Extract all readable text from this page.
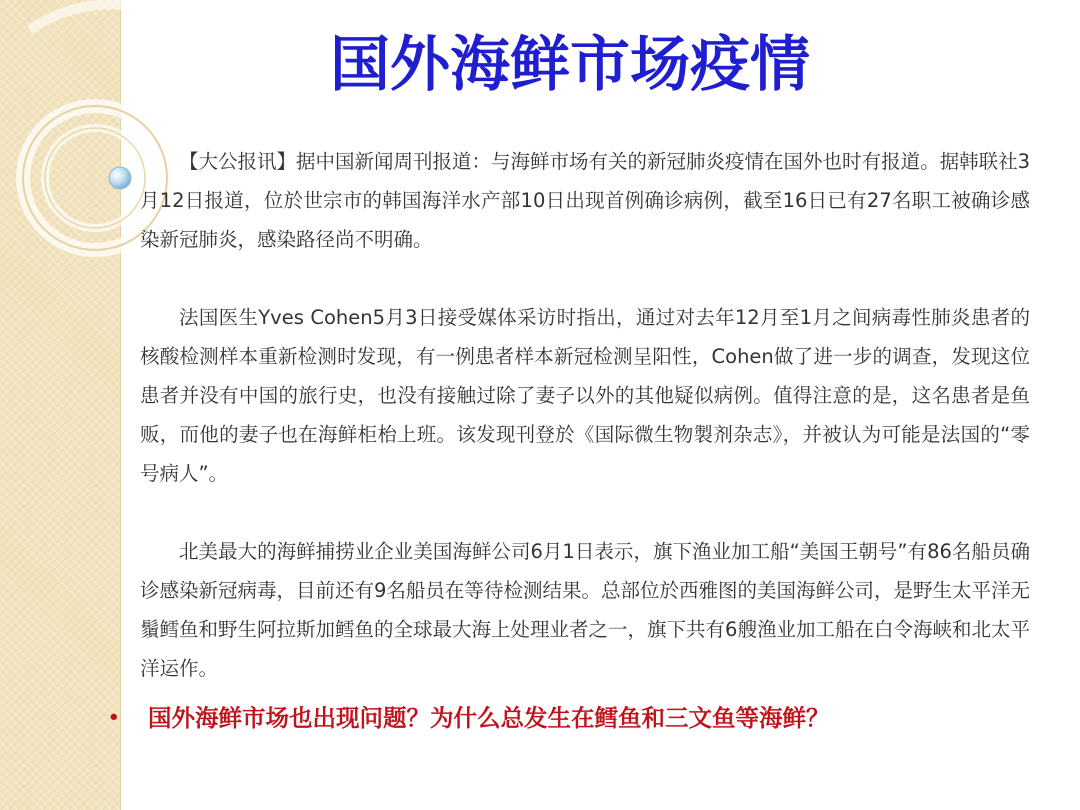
国外海鲜市场疫情

【大公报讯】据中国新闻周刊报道：与海鲜市场有关的新冠肺炎疫情在国外也时有报道。据韩联社3月12日报道，位於世宗市的韩国海洋水产部10日出现首例确诊病例，截至16日已有27名职工被确诊感染新冠肺炎，感染路径尚不明确。

法国医生Yves Cohen5月3日接受媒体采访时指出，通过对去年12月至1月之间病毒性肺炎患者的核酸检测样本重新检测时发现，有一例患者样本新冠检测呈阳性，Cohen做了进一步的调查，发现这位患者并没有中国的旅行史，也没有接触过除了妻子以外的其他疑似病例。值得注意的是，这名患者是鱼贩，而他的妻子也在海鲜柜枱上班。该发现刊登於《国际微生物製剂杂志》，并被认为可能是法国的“零号病人”。

北美最大的海鲜捕捞业企业美国海鲜公司6月1日表示，旗下渔业加工船“美国王朝号”有86名船员确诊感染新冠病毒，目前还有9名船员在等待检测结果。总部位於西雅图的美国海鲜公司，是野生太平洋无鬚鳕鱼和野生阿拉斯加鳕鱼的全球最大海上处理业者之一，旗下共有6艘渔业加工船在白令海峡和北太平洋运作。

• 国外海鲜市场也出现问题？为什么总发生在鳕鱼和三文鱼等海鲜？
